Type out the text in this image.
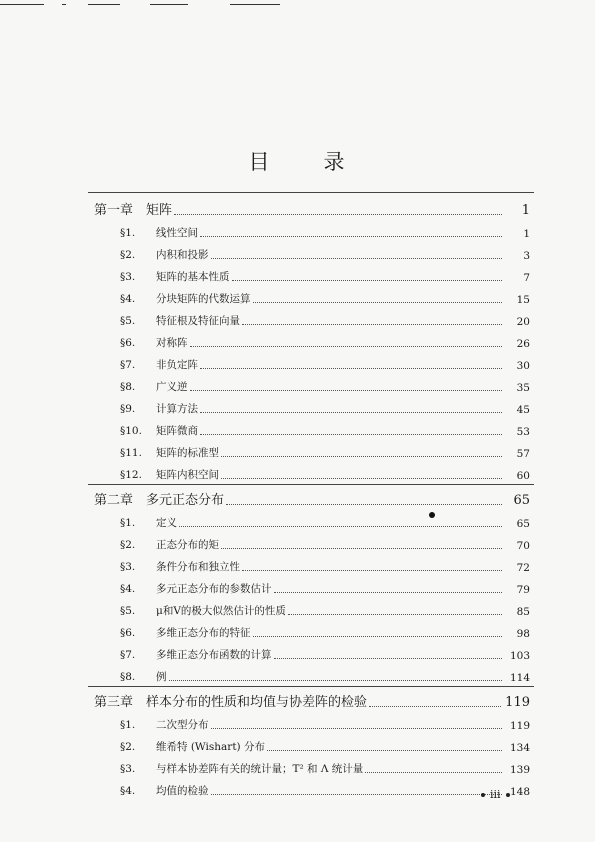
目 录
第一章 矩阵	1
§1. 线性空间	1
§2. 内积和投影	3
§3. 矩阵的基本性质	7
§4. 分块矩阵的代数运算	15
§5. 特征根及特征向量	20
§6. 对称阵	26
§7. 非负定阵	30
§8. 广义逆	35
§9. 计算方法	45
§10. 矩阵微商	53
§11. 矩阵的标准型	57
§12. 矩阵内积空间	60
第二章 多元正态分布	65
§1. 定义	65
§2. 正态分布的矩	70
§3. 条件分布和独立性	72
§4. 多元正态分布的参数估计	79
§5. μ和V的极大似然估计的性质	85
§6. 多维正态分布的特征	98
§7. 多维正态分布函数的计算	103
§8. 例	114
第三章 样本分布的性质和均值与协差阵的检验	119
§1. 二次型分布	119
§2. 维希特 (Wishart) 分布	134
§3. 与样本协差阵有关的统计量；T² 和 Λ 统计量	139
§4. 均值的检验	148
iii
